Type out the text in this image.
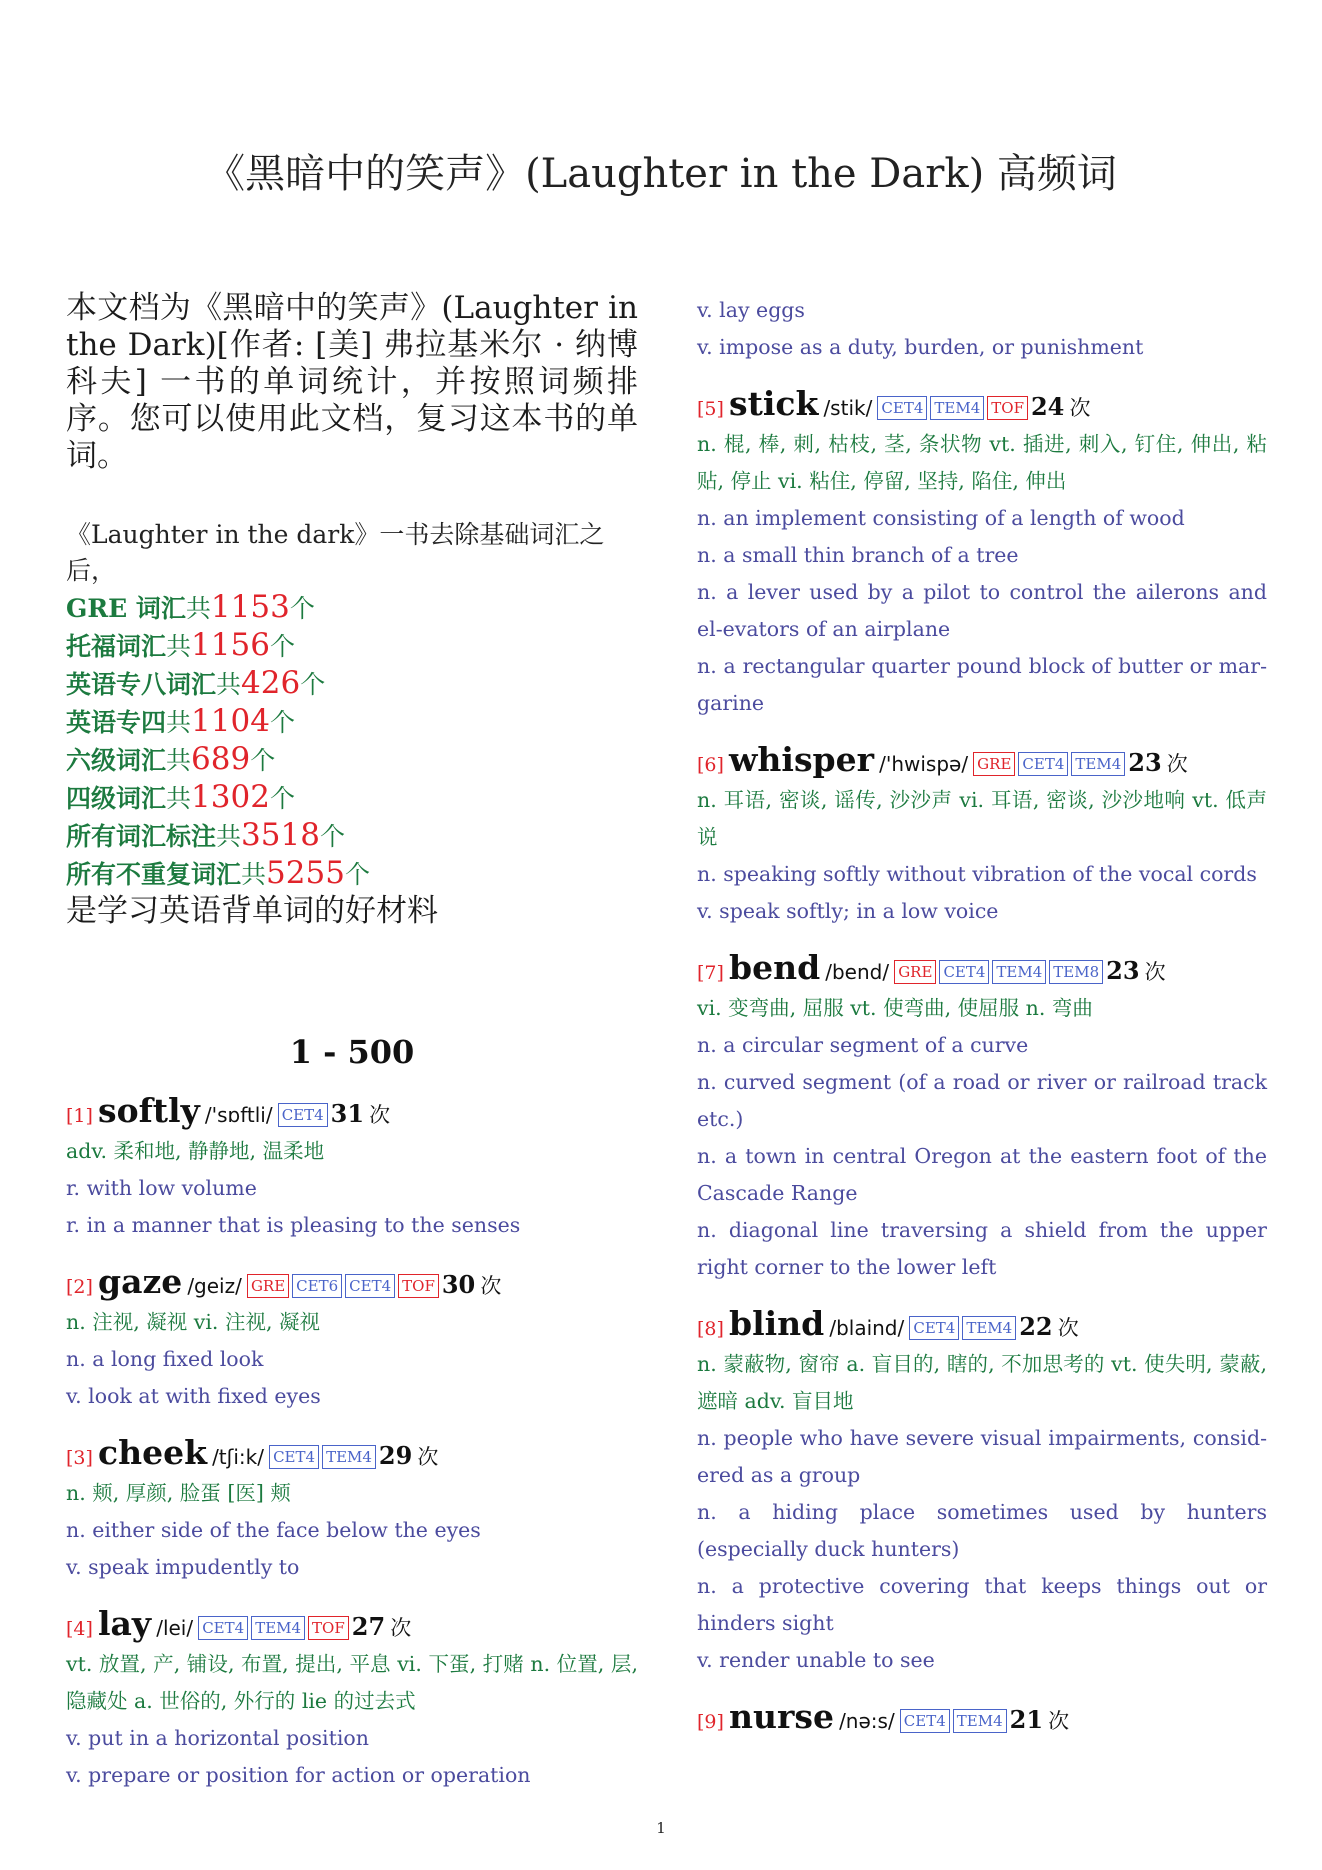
《黑暗中的笑声》(Laughter in the Dark) 高频词

本文档为《黑暗中的笑声》(Laughter in the Dark)[作者: [美] 弗拉基米尔 · 纳博科夫] 一书的单词统计，并按照词频排序。您可以使用此文档，复习这本书的单词。

《Laughter in the dark》一书去除基础词汇之后，
GRE 词汇共1153个
托福词汇共1156个
英语专八词汇共426个
英语专四共1104个
六级词汇共689个
四级词汇共1302个
所有词汇标注共3518个
所有不重复词汇共5255个
是学习英语背单词的好材料
1 - 500
[1] softly /'sɒftli/ CET4 31 次
adv. 柔和地, 静静地, 温柔地
r. with low volume
r. in a manner that is pleasing to the senses
[2] gaze /geiz/ GRE CET6 CET4 TOF 30 次
n. 注视, 凝视 vi. 注视, 凝视
n. a long fixed look
v. look at with fixed eyes
[3] cheek /tʃi:k/ CET4 TEM4 29 次
n. 颊, 厚颜, 脸蛋 [医] 颊
n. either side of the face below the eyes
v. speak impudently to
[4] lay /lei/ CET4 TEM4 TOF 27 次
vt. 放置, 产, 铺设, 布置, 提出, 平息 vi. 下蛋, 打赌 n. 位置, 层, 隐藏处 a. 世俗的, 外行的 lie 的过去式
v. put in a horizontal position
v. prepare or position for action or operation
v. lay eggs
v. impose as a duty, burden, or punishment
[5] stick /stik/ CET4 TEM4 TOF 24 次
n. 棍, 棒, 刺, 枯枝, 茎, 条状物 vt. 插进, 刺入, 钉住, 伸出, 粘贴, 停止 vi. 粘住, 停留, 坚持, 陷住, 伸出
n. an implement consisting of a length of wood
n. a small thin branch of a tree
n. a lever used by a pilot to control the ailerons and el-evators of an airplane
n. a rectangular quarter pound block of butter or mar-garine
[6] whisper /'hwispə/ GRE CET4 TEM4 23 次
n. 耳语, 密谈, 谣传, 沙沙声 vi. 耳语, 密谈, 沙沙地响 vt. 低声说
n. speaking softly without vibration of the vocal cords
v. speak softly; in a low voice
[7] bend /bend/ GRE CET4 TEM4 TEM8 23 次
vi. 变弯曲, 屈服 vt. 使弯曲, 使屈服 n. 弯曲
n. a circular segment of a curve
n. curved segment (of a road or river or railroad track etc.)
n. a town in central Oregon at the eastern foot of the Cascade Range
n. diagonal line traversing a shield from the upper right corner to the lower left
[8] blind /blaind/ CET4 TEM4 22 次
n. 蒙蔽物, 窗帘 a. 盲目的, 瞎的, 不加思考的 vt. 使失明, 蒙蔽, 遮暗 adv. 盲目地
n. people who have severe visual impairments, consid-ered as a group
n. a hiding place sometimes used by hunters (especially duck hunters)
n. a protective covering that keeps things out or hinders sight
v. render unable to see
[9] nurse /nə:s/ CET4 TEM4 21 次
1
